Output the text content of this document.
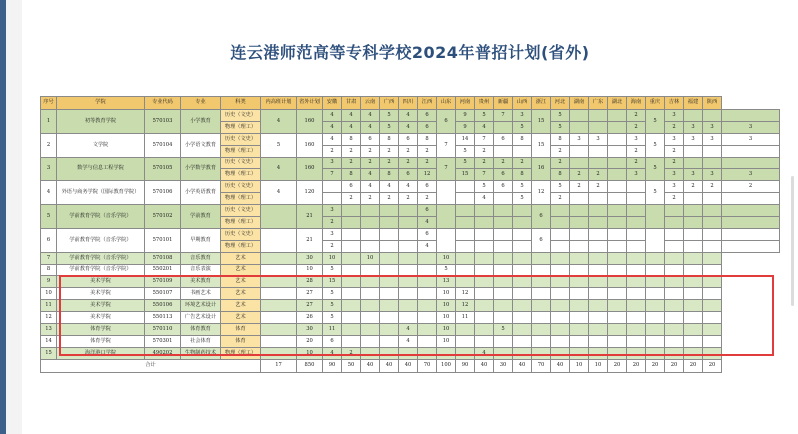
连云港师范高等专科学校2024年普招计划(省外)
序号	学院	专业代码	专业	科类	内高班计划	省外计划	安徽	甘肃	云南	广西	四川	江西	山东	河南	贵州	新疆	山西	浙江	河北	湖南	广东	湖北	海南	重庆	吉林	福建	陕西	
1	初等教育学院	570103	小学教育	历史（文史）	4	160	4	4	4	5	4	6	6	9	5	7	3	15	5				2	5	3			
				物理（理工）			4	4	4	5	4	6		9	4		5		5				2		2	3	3	3
2	文学院	570104	小学语文教育	历史（文史）	5	160	4	8	6	8	6	8	7	14	7	6	8	15	8	3	3		3	5	3	3	3	3
				物理（理工）			2	2	2	2	2	2		5	2				2				2		2			
3	数学与信息工程学院	570105	小学数学教育	历史（文史）	4	160	3	2	2	2	2	2	7	5	2	2	2	16	2				2	5	2			
				物理（理工）			7	8	4	8	6	12		15	7	6	8		8	2	2		3		3	3	3	3
4	外语与商务学院（国际教育学院）	570106	小学英语教育	历史（文史）	4	120		6	4	4	4	6			5	6	5	12	5	2	2			5	3	2	2	2
				物理（理工）				2	2	2	2	2			4		5		2						2			
5	学前教育学院（音乐学院）	570102	学前教育	历史（文史）		21	3					6						6										
				物理（理工）			2					4																
6	学前教育学院（音乐学院）	570101	早期教育	历史（文史）		21	3					6						6										
				物理（理工）			2					4																
7	学前教育学院（音乐学院）	570108	音乐教育	艺术		30	10		10				10															
8	学前教育学院（音乐学院）	550201	音乐表演	艺术		10	5						5															
9	美术学院	570109	美术教育	艺术		28	15						13															
10	美术学院	550107	书画艺术	艺术		27	5						10	12														
11	美术学院	550106	环境艺术设计	艺术		27	5						10	12														
12	美术学院	550113	广告艺术设计	艺术		26	5						10	11														
13	体育学院	570110	体育教育	体育		30	11				4		10			5												
14	体育学院	570301	社会体育	体育		20	6				4		10															
15	海洋港口学院	490202	生物制药技术	物理（理工）		10	4	2							4													
合计					17	850	90	50	40	40	40	70	100	90	40	30	40	70	40	10	10	20	20	20	20	20	20	
